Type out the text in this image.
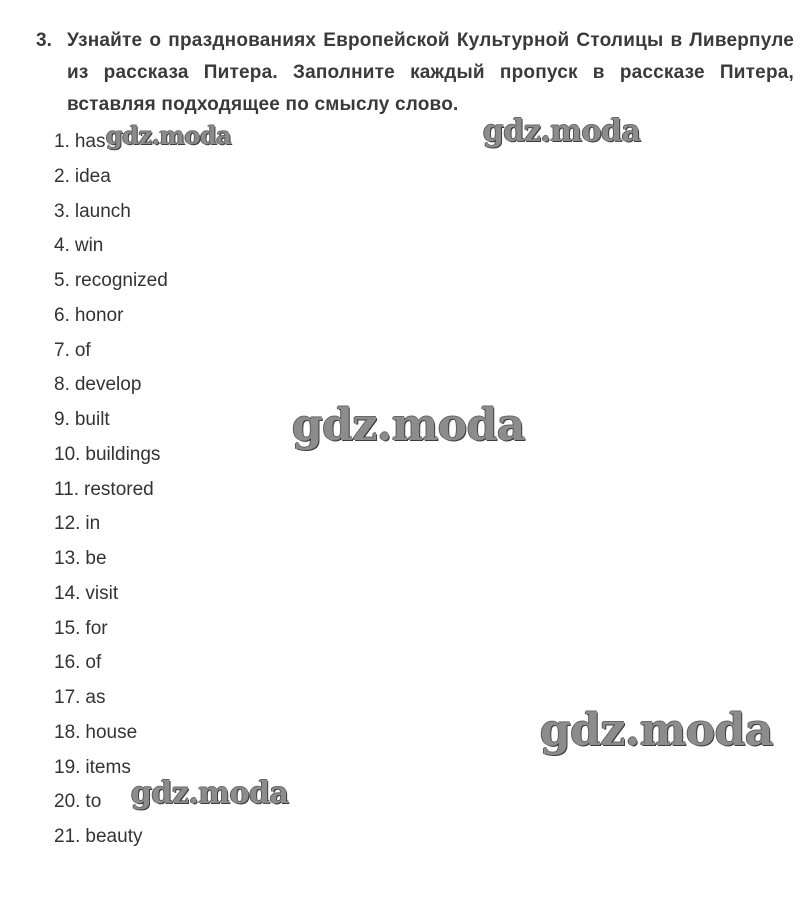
3. Узнайте о празднованиях Европейской Культурной Столицы в Ливерпуле из рассказа Питера. Заполните каждый пропуск в рассказе Питера, вставляя подходящее по смыслу слово.
1. has
2. idea
3. launch
4. win
5. recognized
6. honor
7. of
8. develop
9. built
10. buildings
11. restored
12. in
13. be
14. visit
15. for
16. of
17. as
18. house
19. items
20. to
21. beauty
gdz.moda	gdz.moda
gdz.moda
gdz.moda
gdz.moda
